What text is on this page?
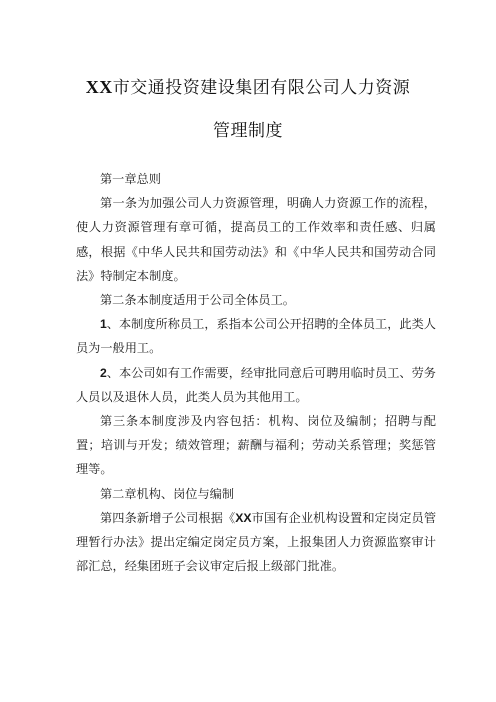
XX市交通投资建设集团有限公司人力资源
管理制度

第一章总则

第一条为加强公司人力资源管理，明确人力资源工作的流程，使人力资源管理有章可循，提高员工的工作效率和责任感、归属感，根据《中华人民共和国劳动法》和《中华人民共和国劳动合同法》特制定本制度。

第二条本制度适用于公司全体员工。

1、本制度所称员工，系指本公司公开招聘的全体员工，此类人员为一般用工。

2、本公司如有工作需要，经审批同意后可聘用临时员工、劳务人员以及退休人员，此类人员为其他用工。

第三条本制度涉及内容包括：机构、岗位及编制；招聘与配置；培训与开发；绩效管理；薪酬与福利；劳动关系管理；奖惩管理等。

第二章机构、岗位与编制

第四条新增子公司根据《XX市国有企业机构设置和定岗定员管理暂行办法》提出定编定岗定员方案，上报集团人力资源监察审计部汇总，经集团班子会议审定后报上级部门批准。
